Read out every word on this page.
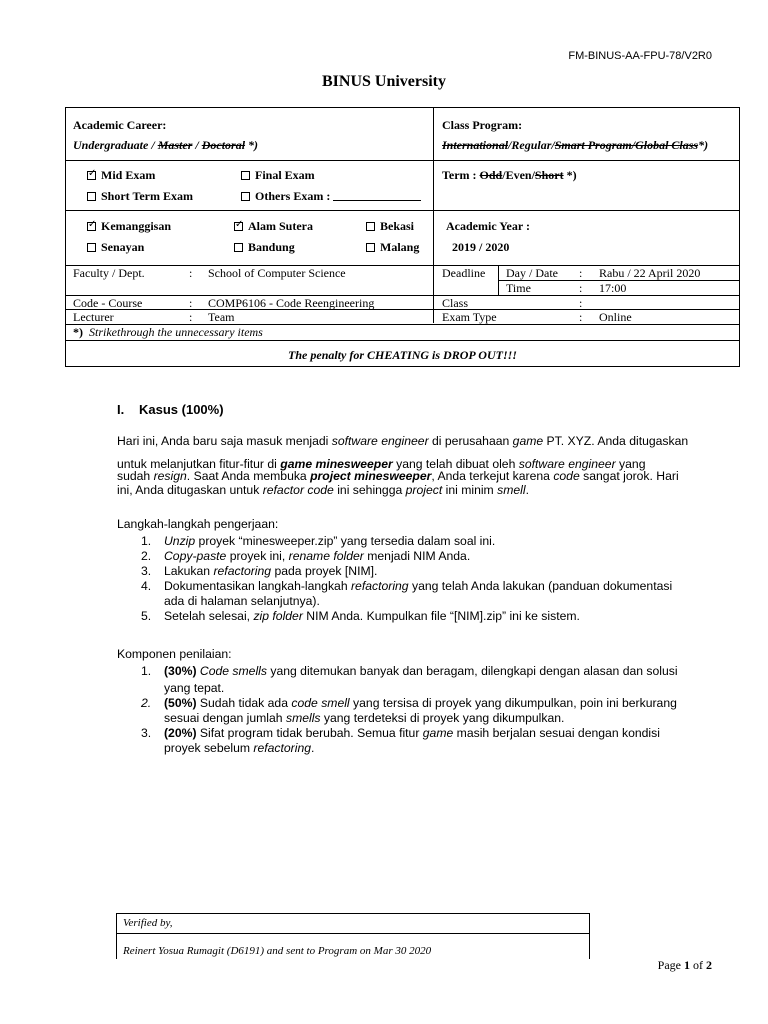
FM-BINUS-AA-FPU-78/V2R0
BINUS University
Academic Career:
Undergraduate / Master / Doctoral *)
Class Program:
International/Regular/Smart Program/Global Class*)
✓Mid Exam	Final Exam
Short Term Exam	Others Exam :
Term : Odd/Even/Short *)
✓Kemanggisan
✓	Alam Sutera	Bekasi
Senayan	Bandung	Malang
Academic Year :
2019 / 2020
Faculty / Dept.	: School of Computer Science	Deadline Day / Date : Rabu / 22 April 2020
Time	: 17:00
Code - Course	: COMP6106 - Code Reengineering	Class	:
Lecturer	: Team	Exam Type	: Online
*) Strikethrough the unnecessary items
The penalty for CHEATING is DROP OUT!!!
I. Kasus (100%)
Hari ini, Anda baru saja masuk menjadi software engineer di perusahaan game PT. XYZ. Anda ditugaskan
untuk melanjutkan fitur-fitur di game minesweeper yang telah dibuat oleh software engineer yang
sudah resign. Saat Anda membuka project minesweeper, Anda terkejut karena code sangat jorok. Hari
ini, Anda ditugaskan untuk refactor code ini sehingga project ini minim smell.
Langkah-langkah pengerjaan:
1. Unzip proyek “minesweeper.zip” yang tersedia dalam soal ini.
2. Copy-paste proyek ini, rename folder menjadi NIM Anda.
3. Lakukan refactoring pada proyek [NIM].
4. Dokumentasikan langkah-langkah refactoring yang telah Anda lakukan (panduan dokumentasi
ada di halaman selanjutnya).
5. Setelah selesai, zip folder NIM Anda. Kumpulkan file “[NIM].zip” ini ke sistem.
Komponen penilaian:
1. (30%) Code smells yang ditemukan banyak dan beragam, dilengkapi dengan alasan dan solusi
yang tepat.
2. (50%) Sudah tidak ada code smell yang tersisa di proyek yang dikumpulkan, poin ini berkurang
sesuai dengan jumlah smells yang terdeteksi di proyek yang dikumpulkan.
3. (20%) Sifat program tidak berubah. Semua fitur game masih berjalan sesuai dengan kondisi
proyek sebelum refactoring.
Verified by,
Reinert Yosua Rumagit (D6191) and sent to Program on Mar 30 2020
Page 1 of 2
